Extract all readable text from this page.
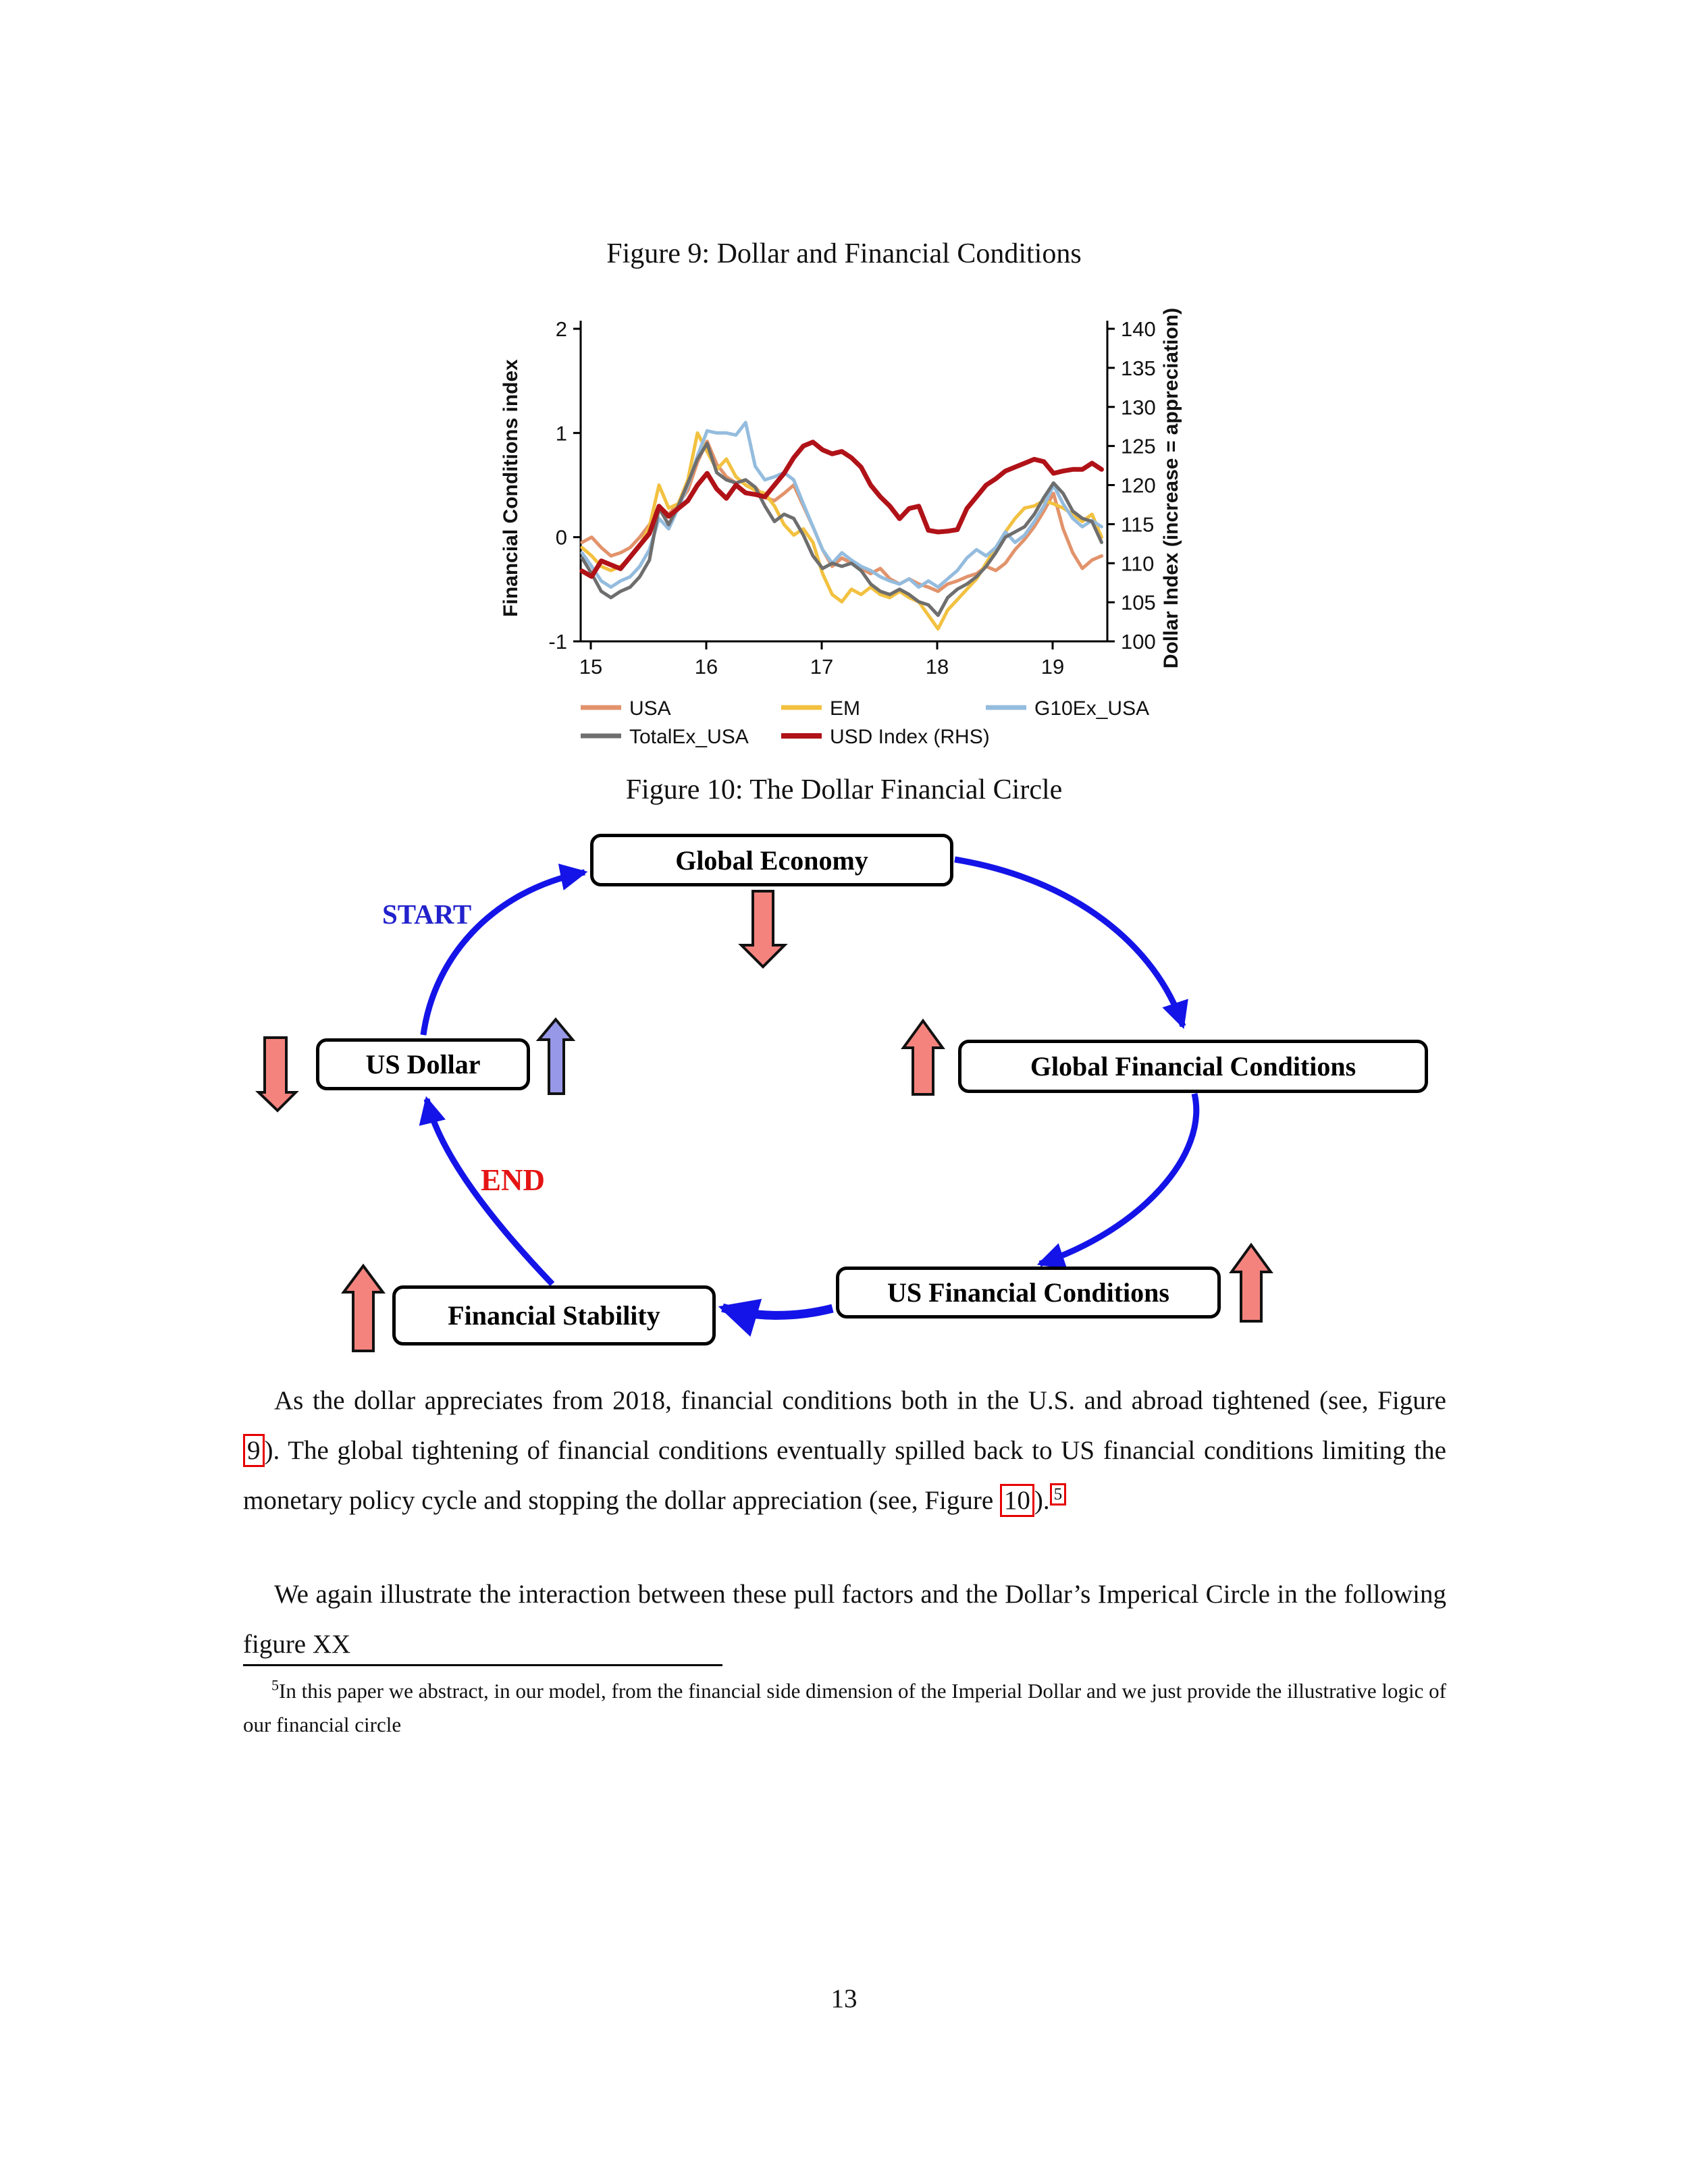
Figure 9: Dollar and Financial Conditions
2
1
0
-1
140
135
130
125
120
115
110
105
100
15	16	17	18	19
Financial Conditions index	Dollar Index (increase = appreciation)
USA	EM	G10Ex_USA
TotalEx_USA	USD Index (RHS)
Figure 10: The Dollar Financial Circle
Global Economy
US Dollar	Global Financial Conditions
Financial Stability
US Financial Conditions
START
END

As the dollar appreciates from 2018, financial conditions both in the U.S. and abroad tightened (see, Figure 9 ). The global tightening of financial conditions eventually spilled back to US financial conditions limiting the monetary policy cycle and stopping the dollar appreciation (see, Figure 10 ). $^5$

We again illustrate the interaction between these pull factors and the Dollar’s Imperical Circle in the following figure XX

$^5$In this paper we abstract, in our model, from the financial side dimension of the Imperial Dollar and we just provide the illustrative logic of our financial circle

13
